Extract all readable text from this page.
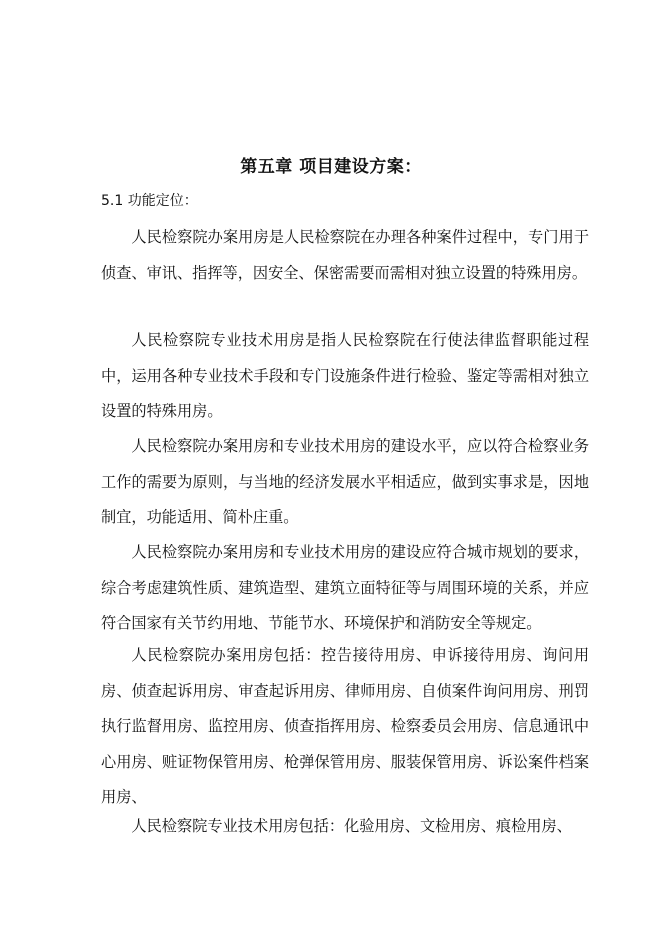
第五章 项目建设方案：
5.1 功能定位：

人民检察院办案用房是人民检察院在办理各种案件过程中，专门用于侦查、审讯、指挥等，因安全、保密需要而需相对独立设置的特殊用房。

人民检察院专业技术用房是指人民检察院在行使法律监督职能过程中，运用各种专业技术手段和专门设施条件进行检验、鉴定等需相对独立设置的特殊用房。

人民检察院办案用房和专业技术用房的建设水平，应以符合检察业务工作的需要为原则，与当地的经济发展水平相适应，做到实事求是，因地制宜，功能适用、简朴庄重。

人民检察院办案用房和专业技术用房的建设应符合城市规划的要求，综合考虑建筑性质、建筑造型、建筑立面特征等与周围环境的关系，并应符合国家有关节约用地、节能节水、环境保护和消防安全等规定。

人民检察院办案用房包括：控告接待用房、申诉接待用房、询问用房、侦查起诉用房、审查起诉用房、律师用房、自侦案件询问用房、刑罚执行监督用房、监控用房、侦查指挥用房、检察委员会用房、信息通讯中心用房、赃证物保管用房、枪弹保管用房、服装保管用房、诉讼案件档案用房、

人民检察院专业技术用房包括：化验用房、文检用房、痕检用房、
